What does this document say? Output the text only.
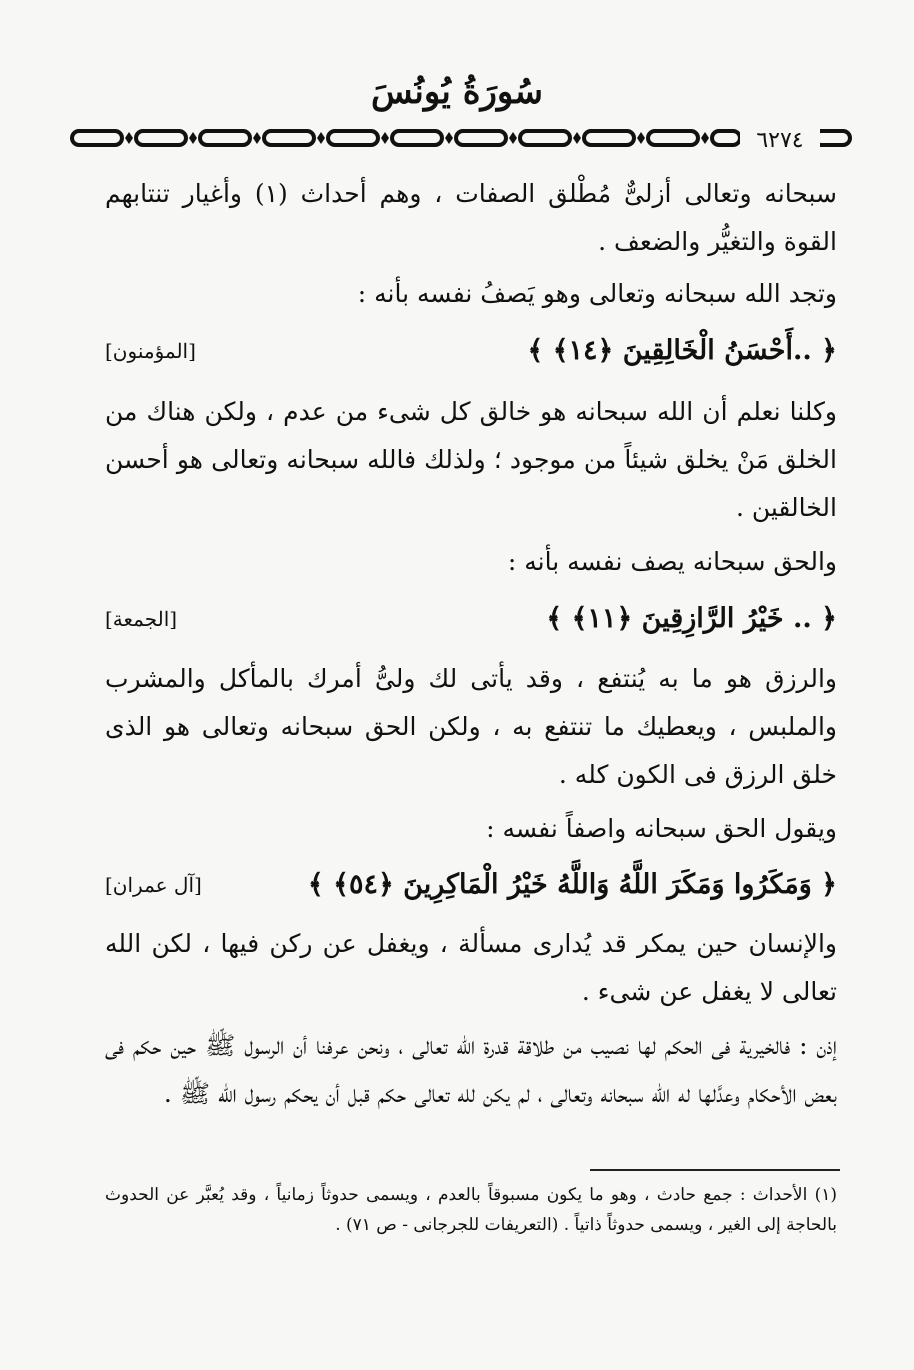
سُورَةُ يُونُسَ
٦٢٧٤
سبحانه وتعالى أزلىٌّ مُطْلق الصفات ، وهم أحداث (١) وأغيار تنتابهم القوة والتغيُّر والضعف .
وتجد الله سبحانه وتعالى وهو يَصفُ نفسه بأنه :
﴿ ..أَحْسَنُ الْخَالِقِينَ ﴿١٤﴾ ﴾
[المؤمنون]
وكلنا نعلم أن الله سبحانه هو خالق كل شىء من عدم ، ولكن هناك من الخلق مَنْ يخلق شيئاً من موجود ؛ ولذلك فالله سبحانه وتعالى هو أحسن الخالقين .
والحق سبحانه يصف نفسه بأنه :
﴿ .. خَيْرُ الرَّازِقِينَ ﴿١١﴾ ﴾
[الجمعة]
والرزق هو ما به يُنتفع ، وقد يأتى لك ولىُّ أمرك بالمأكل والمشرب والملبس ، ويعطيك ما تنتفع به ، ولكن الحق سبحانه وتعالى هو الذى خلق الرزق فى الكون كله .
ويقول الحق سبحانه واصفاً نفسه :
﴿ وَمَكَرُوا وَمَكَرَ اللَّهُ وَاللَّهُ خَيْرُ الْمَاكِرِينَ ﴿٥٤﴾ ﴾
[آل عمران]
والإنسان حين يمكر قد يُدارى مسألة ، ويغفل عن ركن فيها ، لكن الله تعالى لا يغفل عن شىء .
إذن : فالخيرية فى الحكم لها نصيب من طلاقة قدرة الله تعالى ، ونحن عرفنا أن الرسول ﷺ حين حكم فى بعض الأحكام وعدَّلها له الله سبحانه وتعالى ، لم يكن لله تعالى حكم قبل أن يحكم رسول الله ﷺ .
(١) الأحداث : جمع حادث ، وهو ما يكون مسبوقاً بالعدم ، ويسمى حدوثاً زمانياً ، وقد يُعبَّر عن الحدوث بالحاجة إلى الغير ، ويسمى حدوثاً ذاتياً . (التعريفات للجرجانى - ص ٧١) .
